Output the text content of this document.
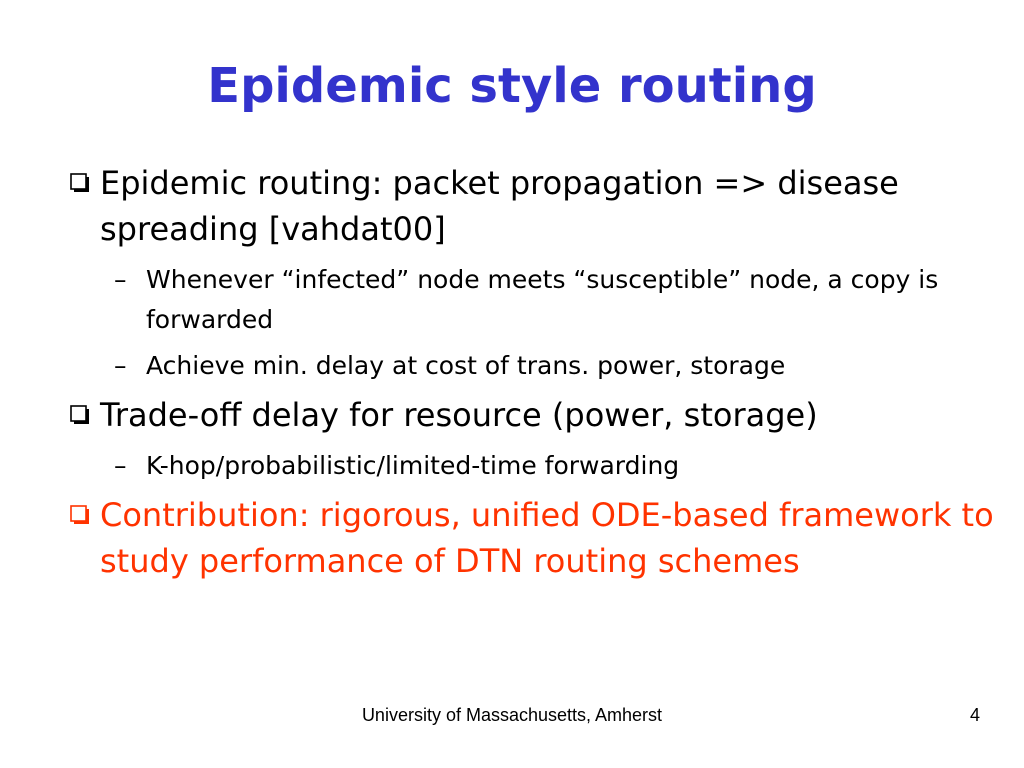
Epidemic style routing
Epidemic routing: packet propagation => disease spreading [vahdat00]
– Whenever “infected” node meets “susceptible” node, a copy is forwarded
– Achieve min. delay at cost of trans. power, storage
Trade-off delay for resource (power, storage)
– K-hop/probabilistic/limited-time forwarding
Contribution: rigorous, unified ODE-based framework to study performance of DTN routing schemes
University of Massachusetts, Amherst	4
